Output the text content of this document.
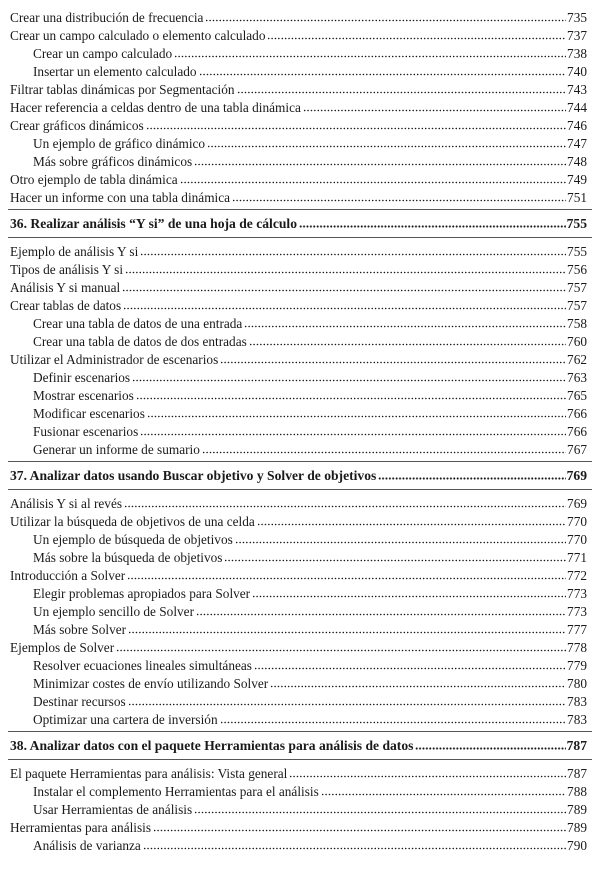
Crear una distribución de frecuencia	735
Crear un campo calculado o elemento calculado	737
Crear un campo calculado	738
Insertar un elemento calculado	740
Filtrar tablas dinámicas por Segmentación	743
Hacer referencia a celdas dentro de una tabla dinámica	744
Crear gráficos dinámicos	746
Un ejemplo de gráfico dinámico	747
Más sobre gráficos dinámicos	748
Otro ejemplo de tabla dinámica	749
Hacer un informe con una tabla dinámica	751
36. Realizar análisis “Y si” de una hoja de cálculo	755
Ejemplo de análisis Y si	755
Tipos de análisis Y si	756
Análisis Y si manual	757
Crear tablas de datos	757
Crear una tabla de datos de una entrada	758
Crear una tabla de datos de dos entradas	760
Utilizar el Administrador de escenarios	762
Definir escenarios	763
Mostrar escenarios	765
Modificar escenarios	766
Fusionar escenarios	766
Generar un informe de sumario	767
37. Analizar datos usando Buscar objetivo y Solver de objetivos	769
Análisis Y si al revés	769
Utilizar la búsqueda de objetivos de una celda	770
Un ejemplo de búsqueda de objetivos	770
Más sobre la búsqueda de objetivos	771
Introducción a Solver	772
Elegir problemas apropiados para Solver	773
Un ejemplo sencillo de Solver	773
Más sobre Solver	777
Ejemplos de Solver	778
Resolver ecuaciones lineales simultáneas	779
Minimizar costes de envío utilizando Solver	780
Destinar recursos	783
Optimizar una cartera de inversión	783
38. Analizar datos con el paquete Herramientas para análisis de datos	787
El paquete Herramientas para análisis: Vista general	787
Instalar el complemento Herramientas para el análisis	788
Usar Herramientas de análisis	789
Herramientas para análisis	789
Análisis de varianza	790
